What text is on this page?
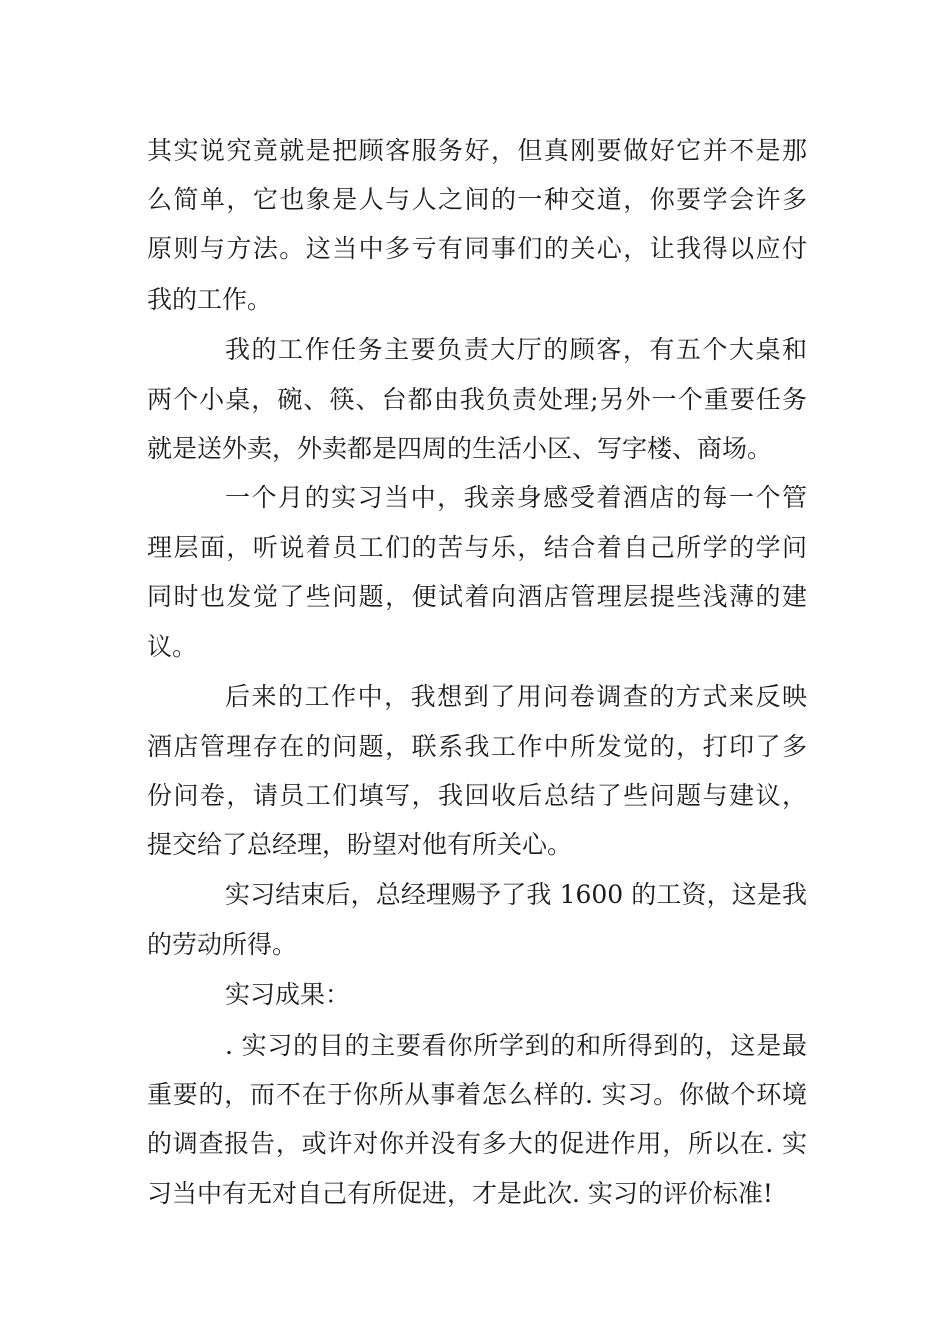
其实说究竟就是把顾客服务好，但真刚要做好它并不是那
么简单，它也象是人与人之间的一种交道，你要学会许多
原则与方法。这当中多亏有同事们的关心，让我得以应付
我的工作。
我的工作任务主要负责大厅的顾客，有五个大桌和
两个小桌，碗、筷、台都由我负责处理;另外一个重要任务
就是送外卖，外卖都是四周的生活小区、写字楼、商场。
一个月的实习当中，我亲身感受着酒店的每一个管
理层面，听说着员工们的苦与乐，结合着自己所学的学问
同时也发觉了些问题，便试着向酒店管理层提些浅薄的建
议。
后来的工作中，我想到了用问卷调查的方式来反映
酒店管理存在的问题，联系我工作中所发觉的，打印了多
份问卷，请员工们填写，我回收后总结了些问题与建议，
提交给了总经理，盼望对他有所关心。
实习结束后，总经理赐予了我 1600 的工资，这是我
的劳动所得。
实习成果：
. 实习的目的主要看你所学到的和所得到的，这是最
重要的，而不在于你所从事着怎么样的. 实习。你做个环境
的调查报告，或许对你并没有多大的促进作用，所以在. 实
习当中有无对自己有所促进，才是此次. 实习的评价标准!
